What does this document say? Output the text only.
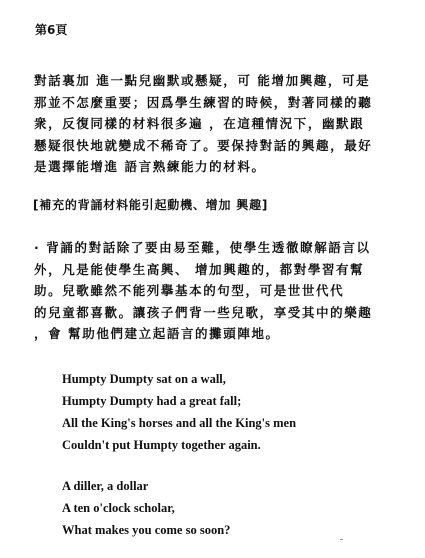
第6頁
對話裏加 進一點兒幽默或懸疑，可 能增加興趣，可是
那並不怎麼重要；因爲學生練習的時候，對著同樣的聽
衆，反復同樣的材料很多遍 ，在這種情況下，幽默跟
懸疑很快地就變成不稀奇了。要保持對話的興趣，最好
是選擇能增進 語言熟練能力的材料。
[補充的背誦材料能引起動機、增加 興趣]
· 背誦的對話除了要由易至難，使學生透徹瞭解語言以
外，凡是能使學生高興、 增加興趣的，都對學習有幫
助。兒歌雖然不能列擧基本的句型，可是世世代代
的兒童都喜歡。讓孩子們背一些兒歌，享受其中的樂趣
，會 幫助他們建立起語言的攤頭陣地。
Humpty Dumpty sat on a wall,
Humpty Dumpty had a great fall;
All the King's horses and all the King's men
Couldn't put Humpty together again.
A diller, a dollar
A ten o'clock scholar,
What makes you come so soon?
